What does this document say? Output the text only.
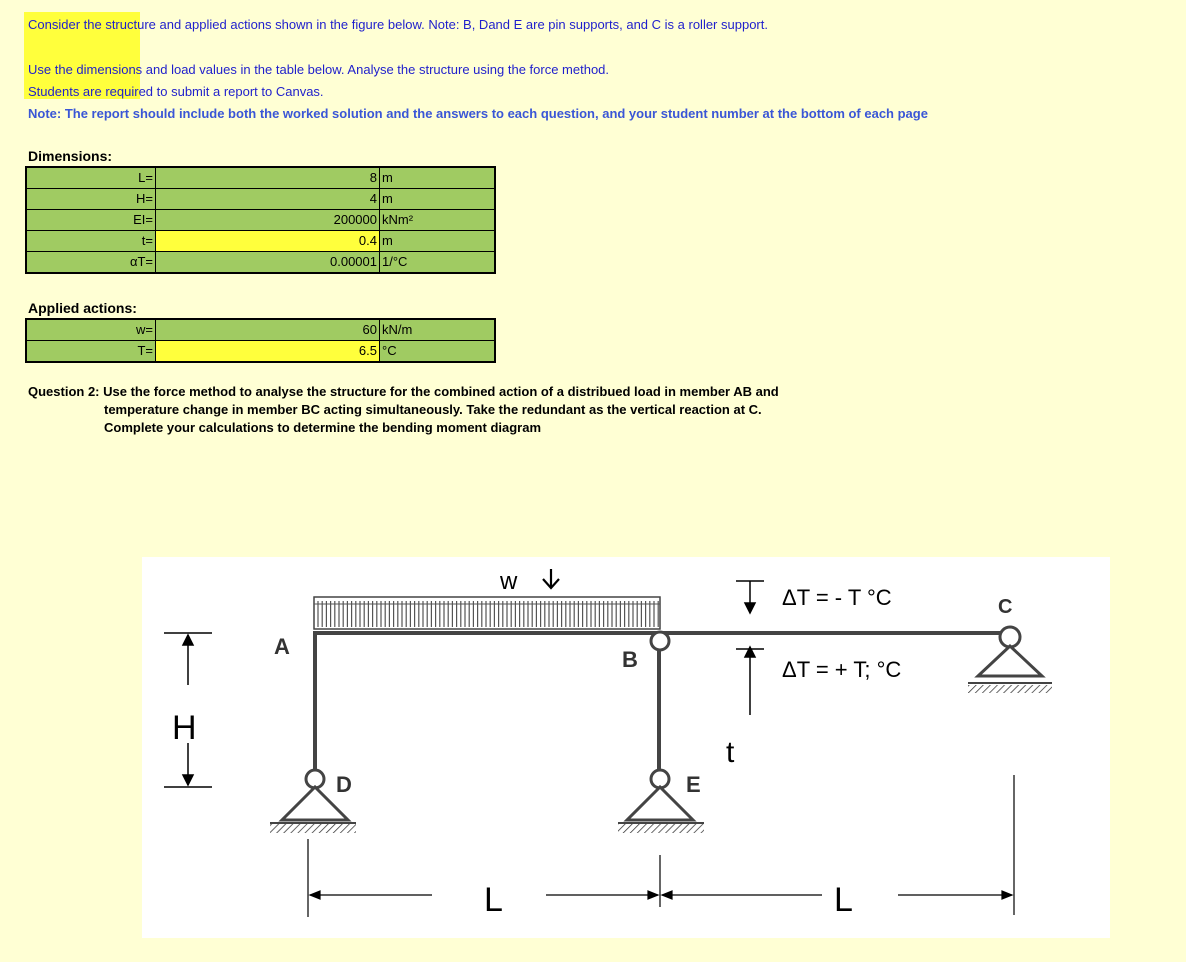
Consider the structure and applied actions shown in the figure below. Note: B, Dand E are pin supports, and C is a roller support.
Use the dimensions and load values in the table below. Analyse the structure using the force method.
Students are required to submit a report to Canvas.
Note: The report should include both the worked solution and the answers to each question, and your student number at the bottom of each page
Dimensions:
L=	8	m
H=	4	m
EI=	200000	kNm²
t=	0.4	m
αT=	0.00001	1/°C
Applied actions:
w=	60	kN/m
T=	6.5	°C
Question 2: Use the force method to analyse the structure for the combined action of a distribued load in member AB and
temperature change in member BC acting simultaneously. Take the redundant as the vertical reaction at C.
Complete your calculations to determine the bending moment diagram
w
A
B
C
D	E
ΔT = - T °C
ΔT = + T; °C
t
H
L	L
